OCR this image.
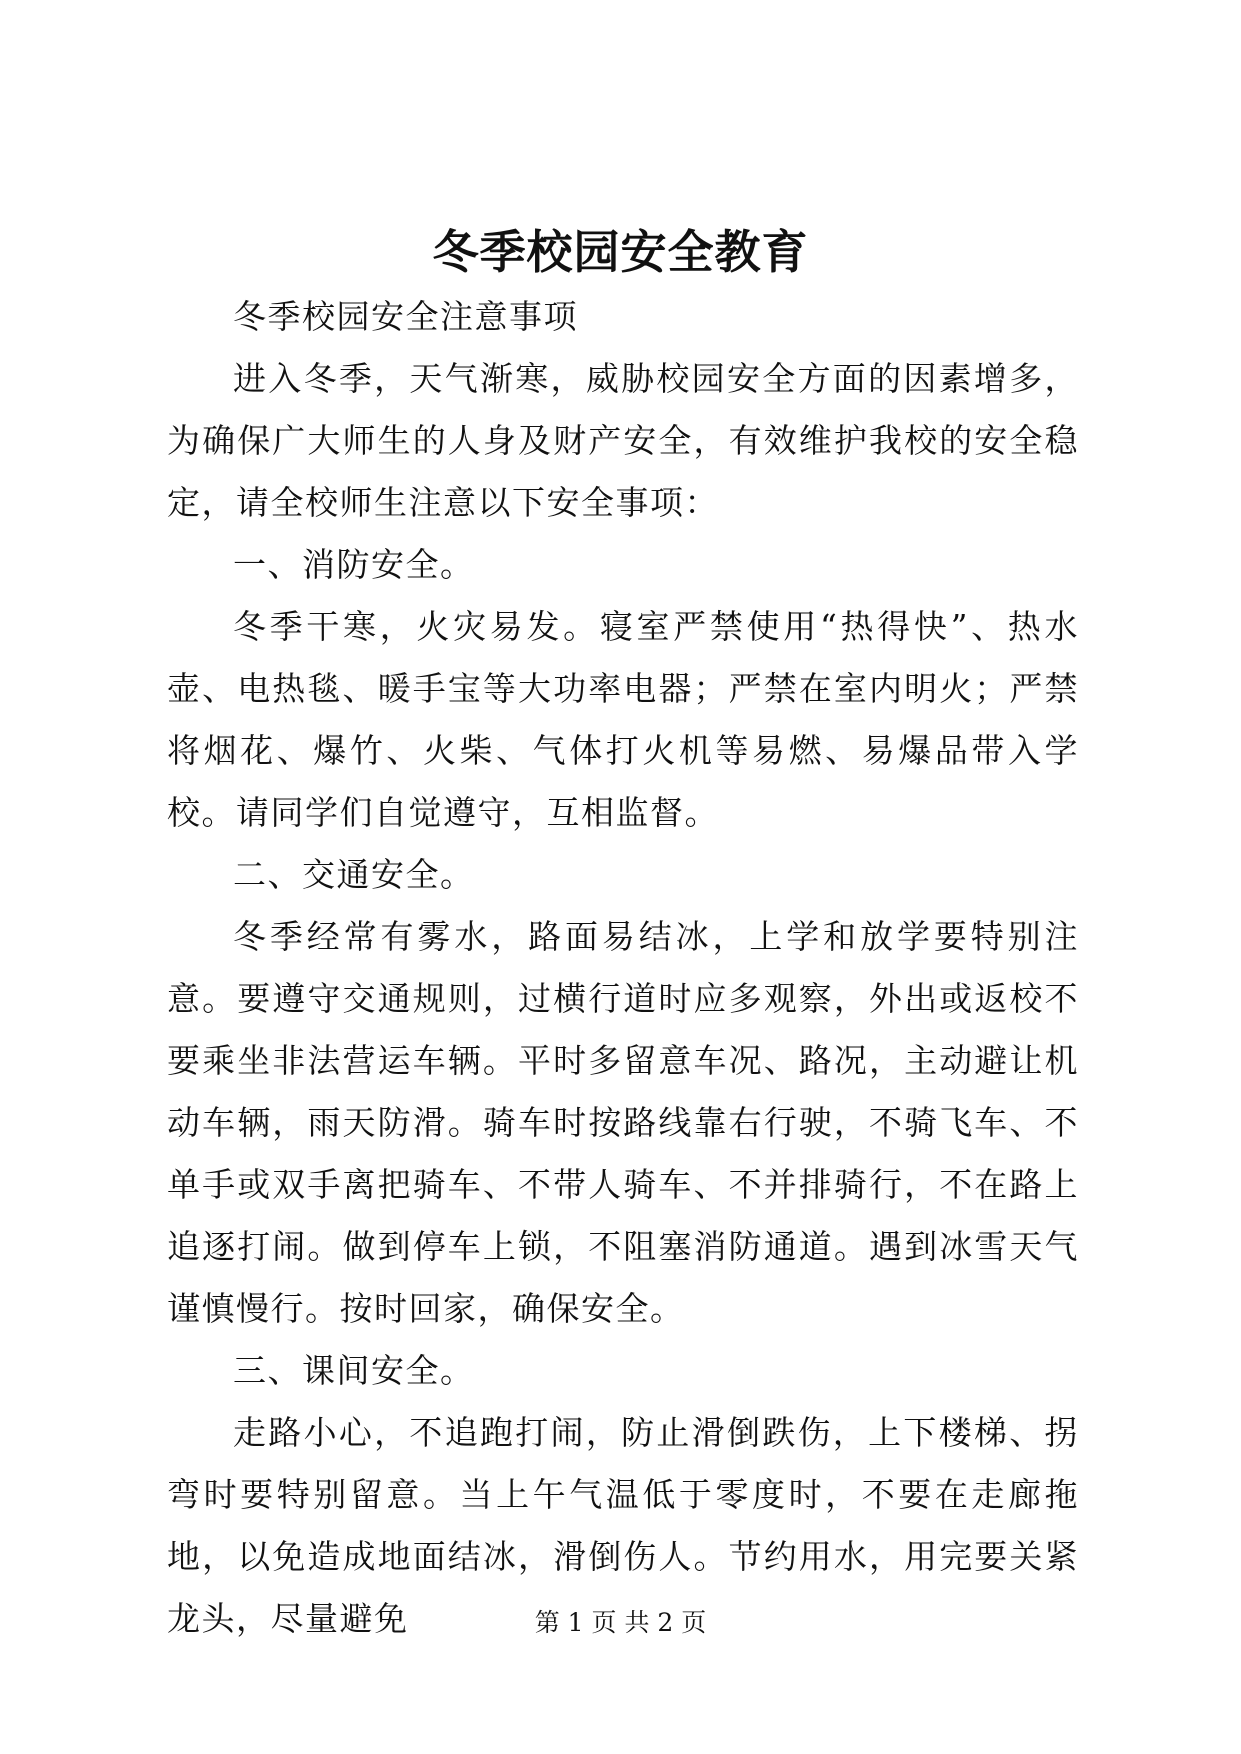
冬季校园安全教育

冬季校园安全注意事项

进入冬季，天气渐寒，威胁校园安全方面的因素增多，为确保广大师生的人身及财产安全，有效维护我校的安全稳定，请全校师生注意以下安全事项：

一、消防安全。

冬季干寒，火灾易发。寝室严禁使用“热得快”、热水壶、电热毯、暖手宝等大功率电器；严禁在室内明火；严禁将烟花、爆竹、火柴、气体打火机等易燃、易爆品带入学校。请同学们自觉遵守，互相监督。

二、交通安全。

冬季经常有雾水，路面易结冰，上学和放学要特别注意。要遵守交通规则，过横行道时应多观察，外出或返校不要乘坐非法营运车辆。平时多留意车况、路况，主动避让机动车辆，雨天防滑。骑车时按路线靠右行驶，不骑飞车、不单手或双手离把骑车、不带人骑车、不并排骑行，不在路上追逐打闹。做到停车上锁，不阻塞消防通道。遇到冰雪天气谨慎慢行。按时回家，确保安全。

三、课间安全。

走路小心，不追跑打闹，防止滑倒跌伤，上下楼梯、拐弯时要特别留意。当上午气温低于零度时，不要在走廊拖地，以免造成地面结冰，滑倒伤人。节约用水，用完要关紧龙头，尽量避免	第 1 页 共 2 页
